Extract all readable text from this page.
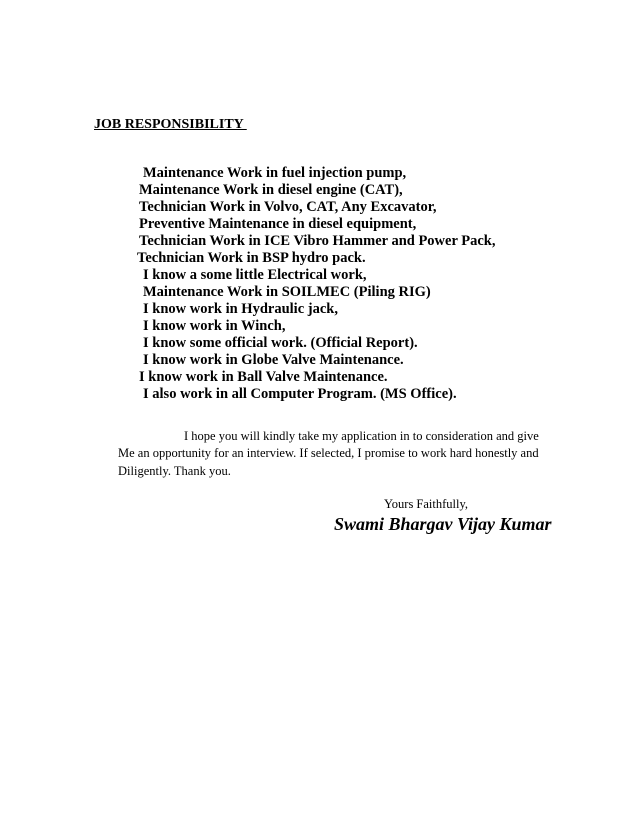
JOB RESPONSIBILITY
Maintenance Work in fuel injection pump,
Maintenance Work in diesel engine (CAT),
Technician Work in Volvo, CAT, Any Excavator,
Preventive Maintenance in diesel equipment,
Technician Work in ICE Vibro Hammer and Power Pack,
Technician Work in BSP hydro pack.
I know a some little Electrical work,
Maintenance Work in SOILMEC (Piling RIG)
I know work in Hydraulic jack,
I know work in Winch,
I know some official work. (Official Report).
I know work in Globe Valve Maintenance.
I know work in Ball Valve Maintenance.
I also work in all Computer Program. (MS Office).
I hope you will kindly take my application in to consideration and give
Me an opportunity for an interview. If selected, I promise to work hard honestly and
Diligently. Thank you.
Yours Faithfully,
Swami Bhargav Vijay Kumar
